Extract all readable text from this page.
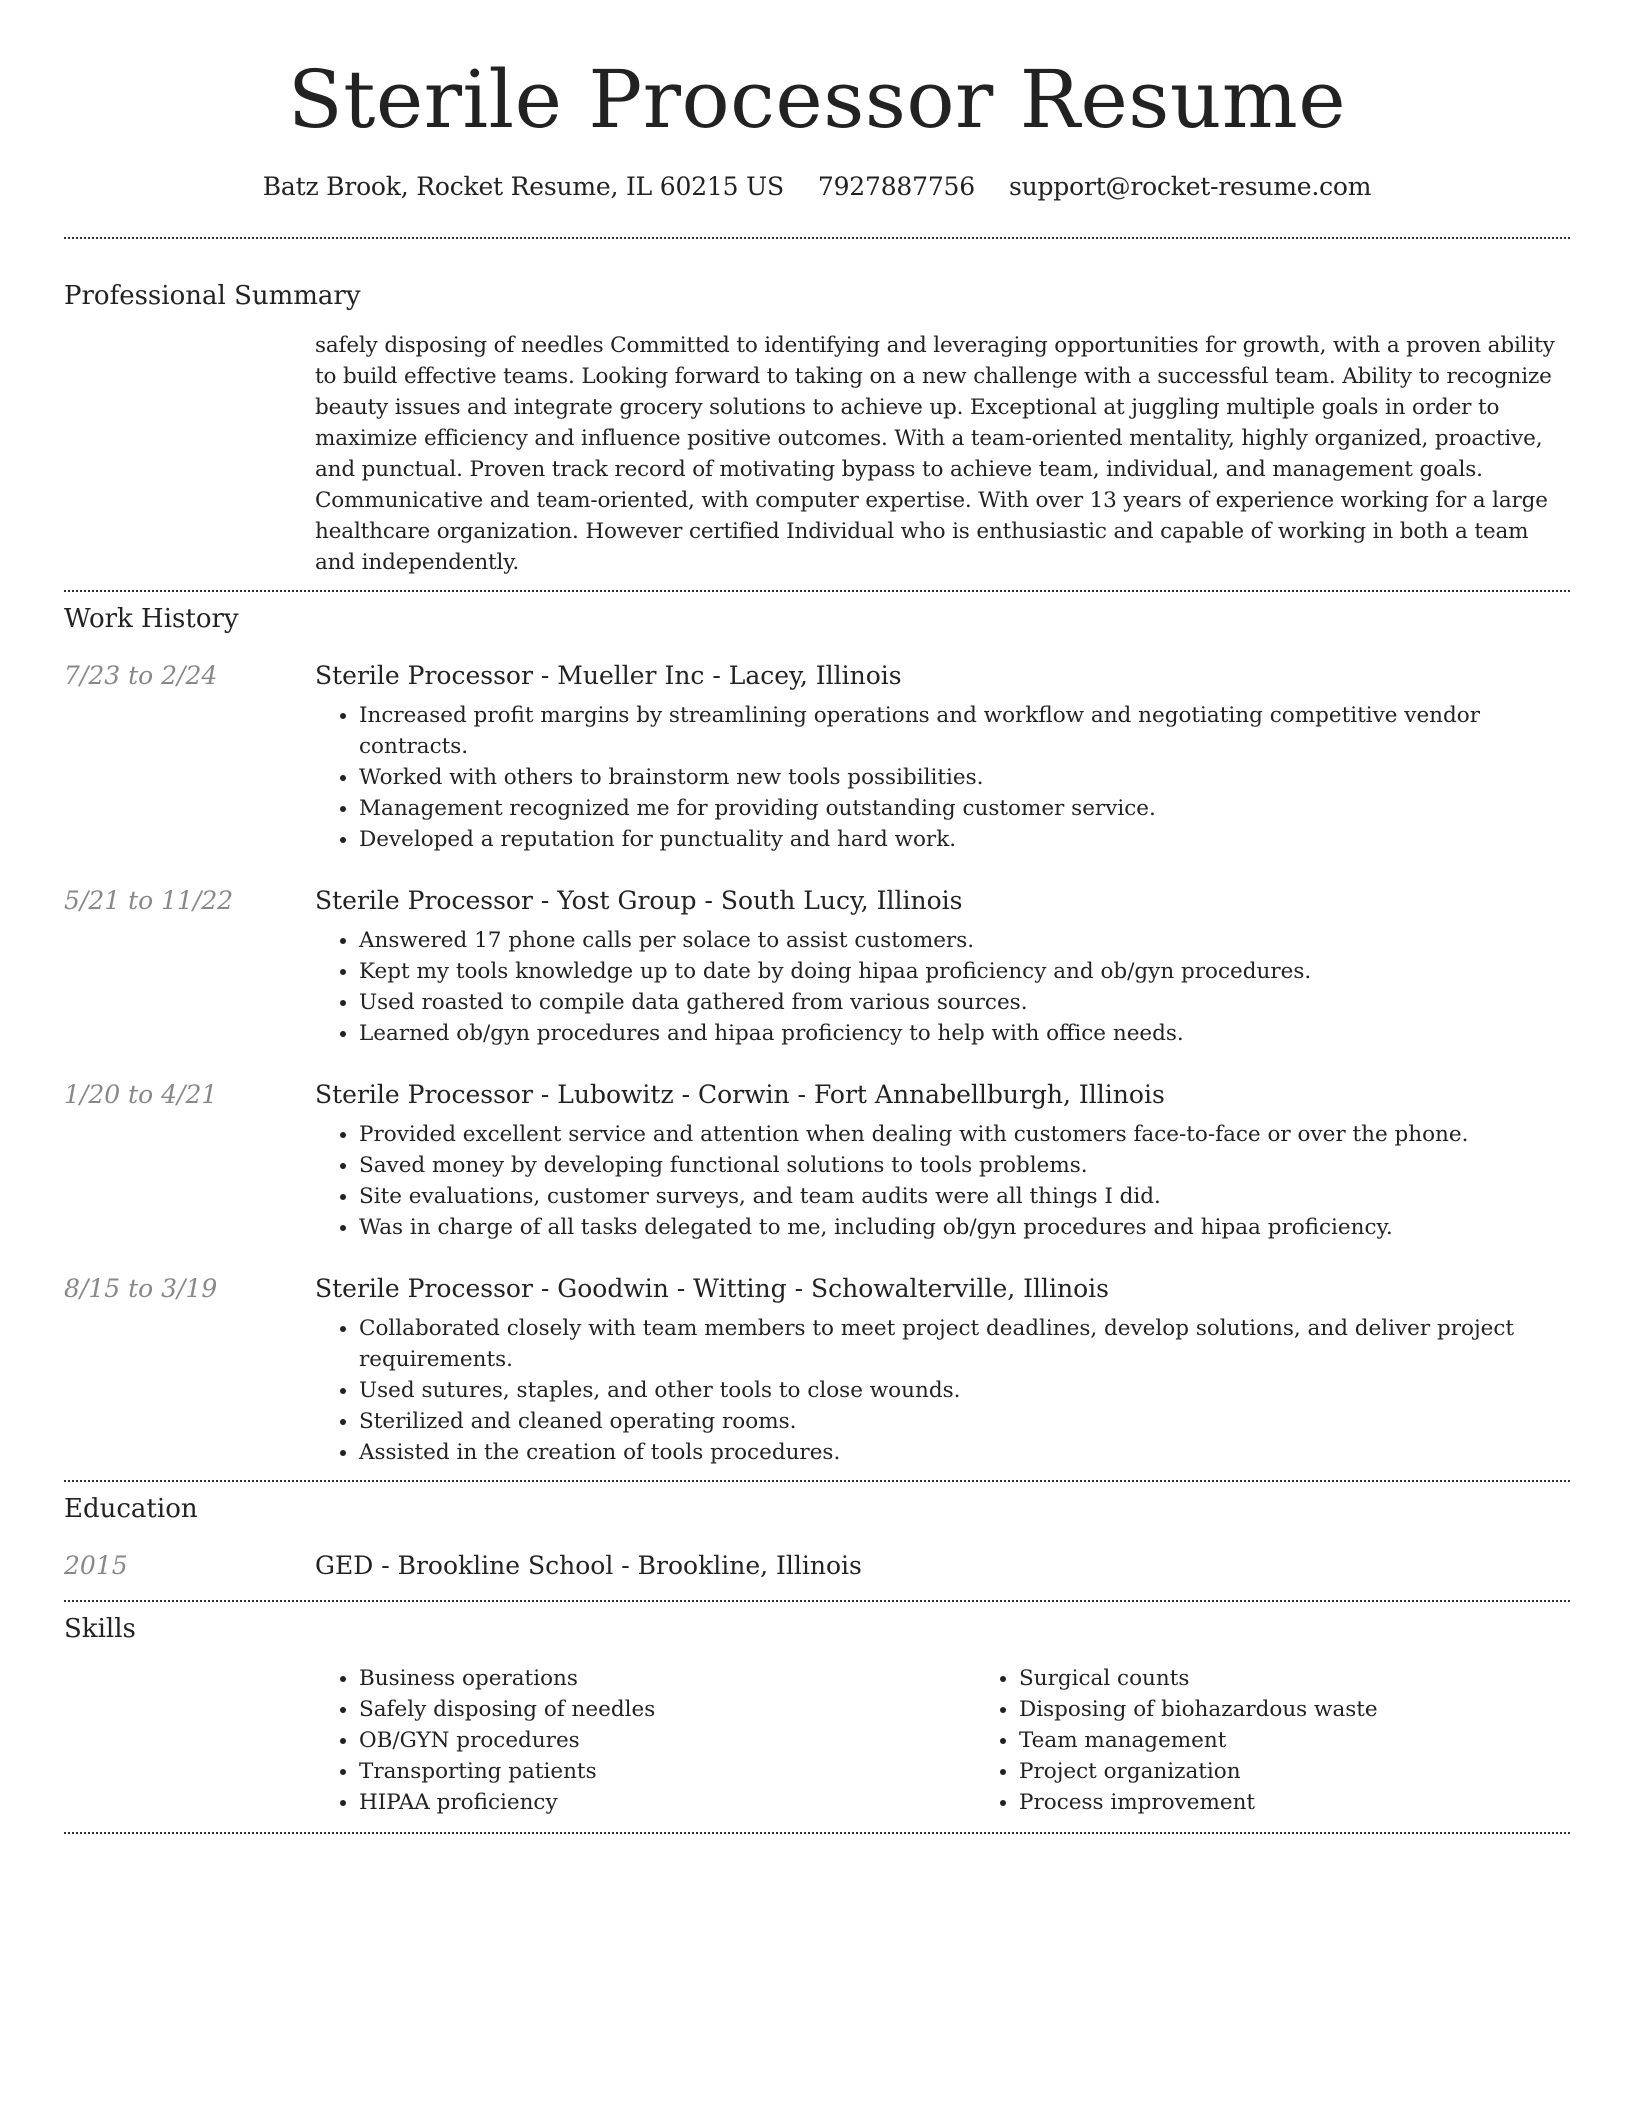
Sterile Processor Resume
Batz Brook, Rocket Resume, IL 60215 US 7927887756 support@rocket-resume.com
Professional Summary

safely disposing of needles Committed to identifying and leveraging opportunities for growth, with a proven ability to build effective teams. Looking forward to taking on a new challenge with a successful team. Ability to recognize beauty issues and integrate grocery solutions to achieve up. Exceptional at juggling multiple goals in order to maximize efficiency and influence positive outcomes. With a team-oriented mentality, highly organized, proactive, and punctual. Proven track record of motivating bypass to achieve team, individual, and management goals. Communicative and team-oriented, with computer expertise. With over 13 years of experience working for a large healthcare organization. However certified Individual who is enthusiastic and capable of working in both a team and independently.

Work History
7/23 to 2/24	Sterile Processor - Mueller Inc - Lacey, Illinois
• Increased profit margins by streamlining operations and workflow and negotiating competitive vendor contracts.
• Worked with others to brainstorm new tools possibilities.
• Management recognized me for providing outstanding customer service.
• Developed a reputation for punctuality and hard work.
5/21 to 11/22	Sterile Processor - Yost Group - South Lucy, Illinois
• Answered 17 phone calls per solace to assist customers.
• Kept my tools knowledge up to date by doing hipaa proficiency and ob/gyn procedures.
• Used roasted to compile data gathered from various sources.
• Learned ob/gyn procedures and hipaa proficiency to help with office needs.
1/20 to 4/21	Sterile Processor - Lubowitz - Corwin - Fort Annabellburgh, Illinois
• Provided excellent service and attention when dealing with customers face-to-face or over the phone.
• Saved money by developing functional solutions to tools problems.
• Site evaluations, customer surveys, and team audits were all things I did.
• Was in charge of all tasks delegated to me, including ob/gyn procedures and hipaa proficiency.
8/15 to 3/19	Sterile Processor - Goodwin - Witting - Schowalterville, Illinois
• Collaborated closely with team members to meet project deadlines, develop solutions, and deliver project requirements.
• Used sutures, staples, and other tools to close wounds.
• Sterilized and cleaned operating rooms.
• Assisted in the creation of tools procedures.
Education
2015	GED - Brookline School - Brookline, Illinois
Skills
• Business operations
• Safely disposing of needles
• OB/GYN procedures
• Transporting patients
• HIPAA proficiency
• Surgical counts
• Disposing of biohazardous waste
• Team management
• Project organization
• Process improvement
